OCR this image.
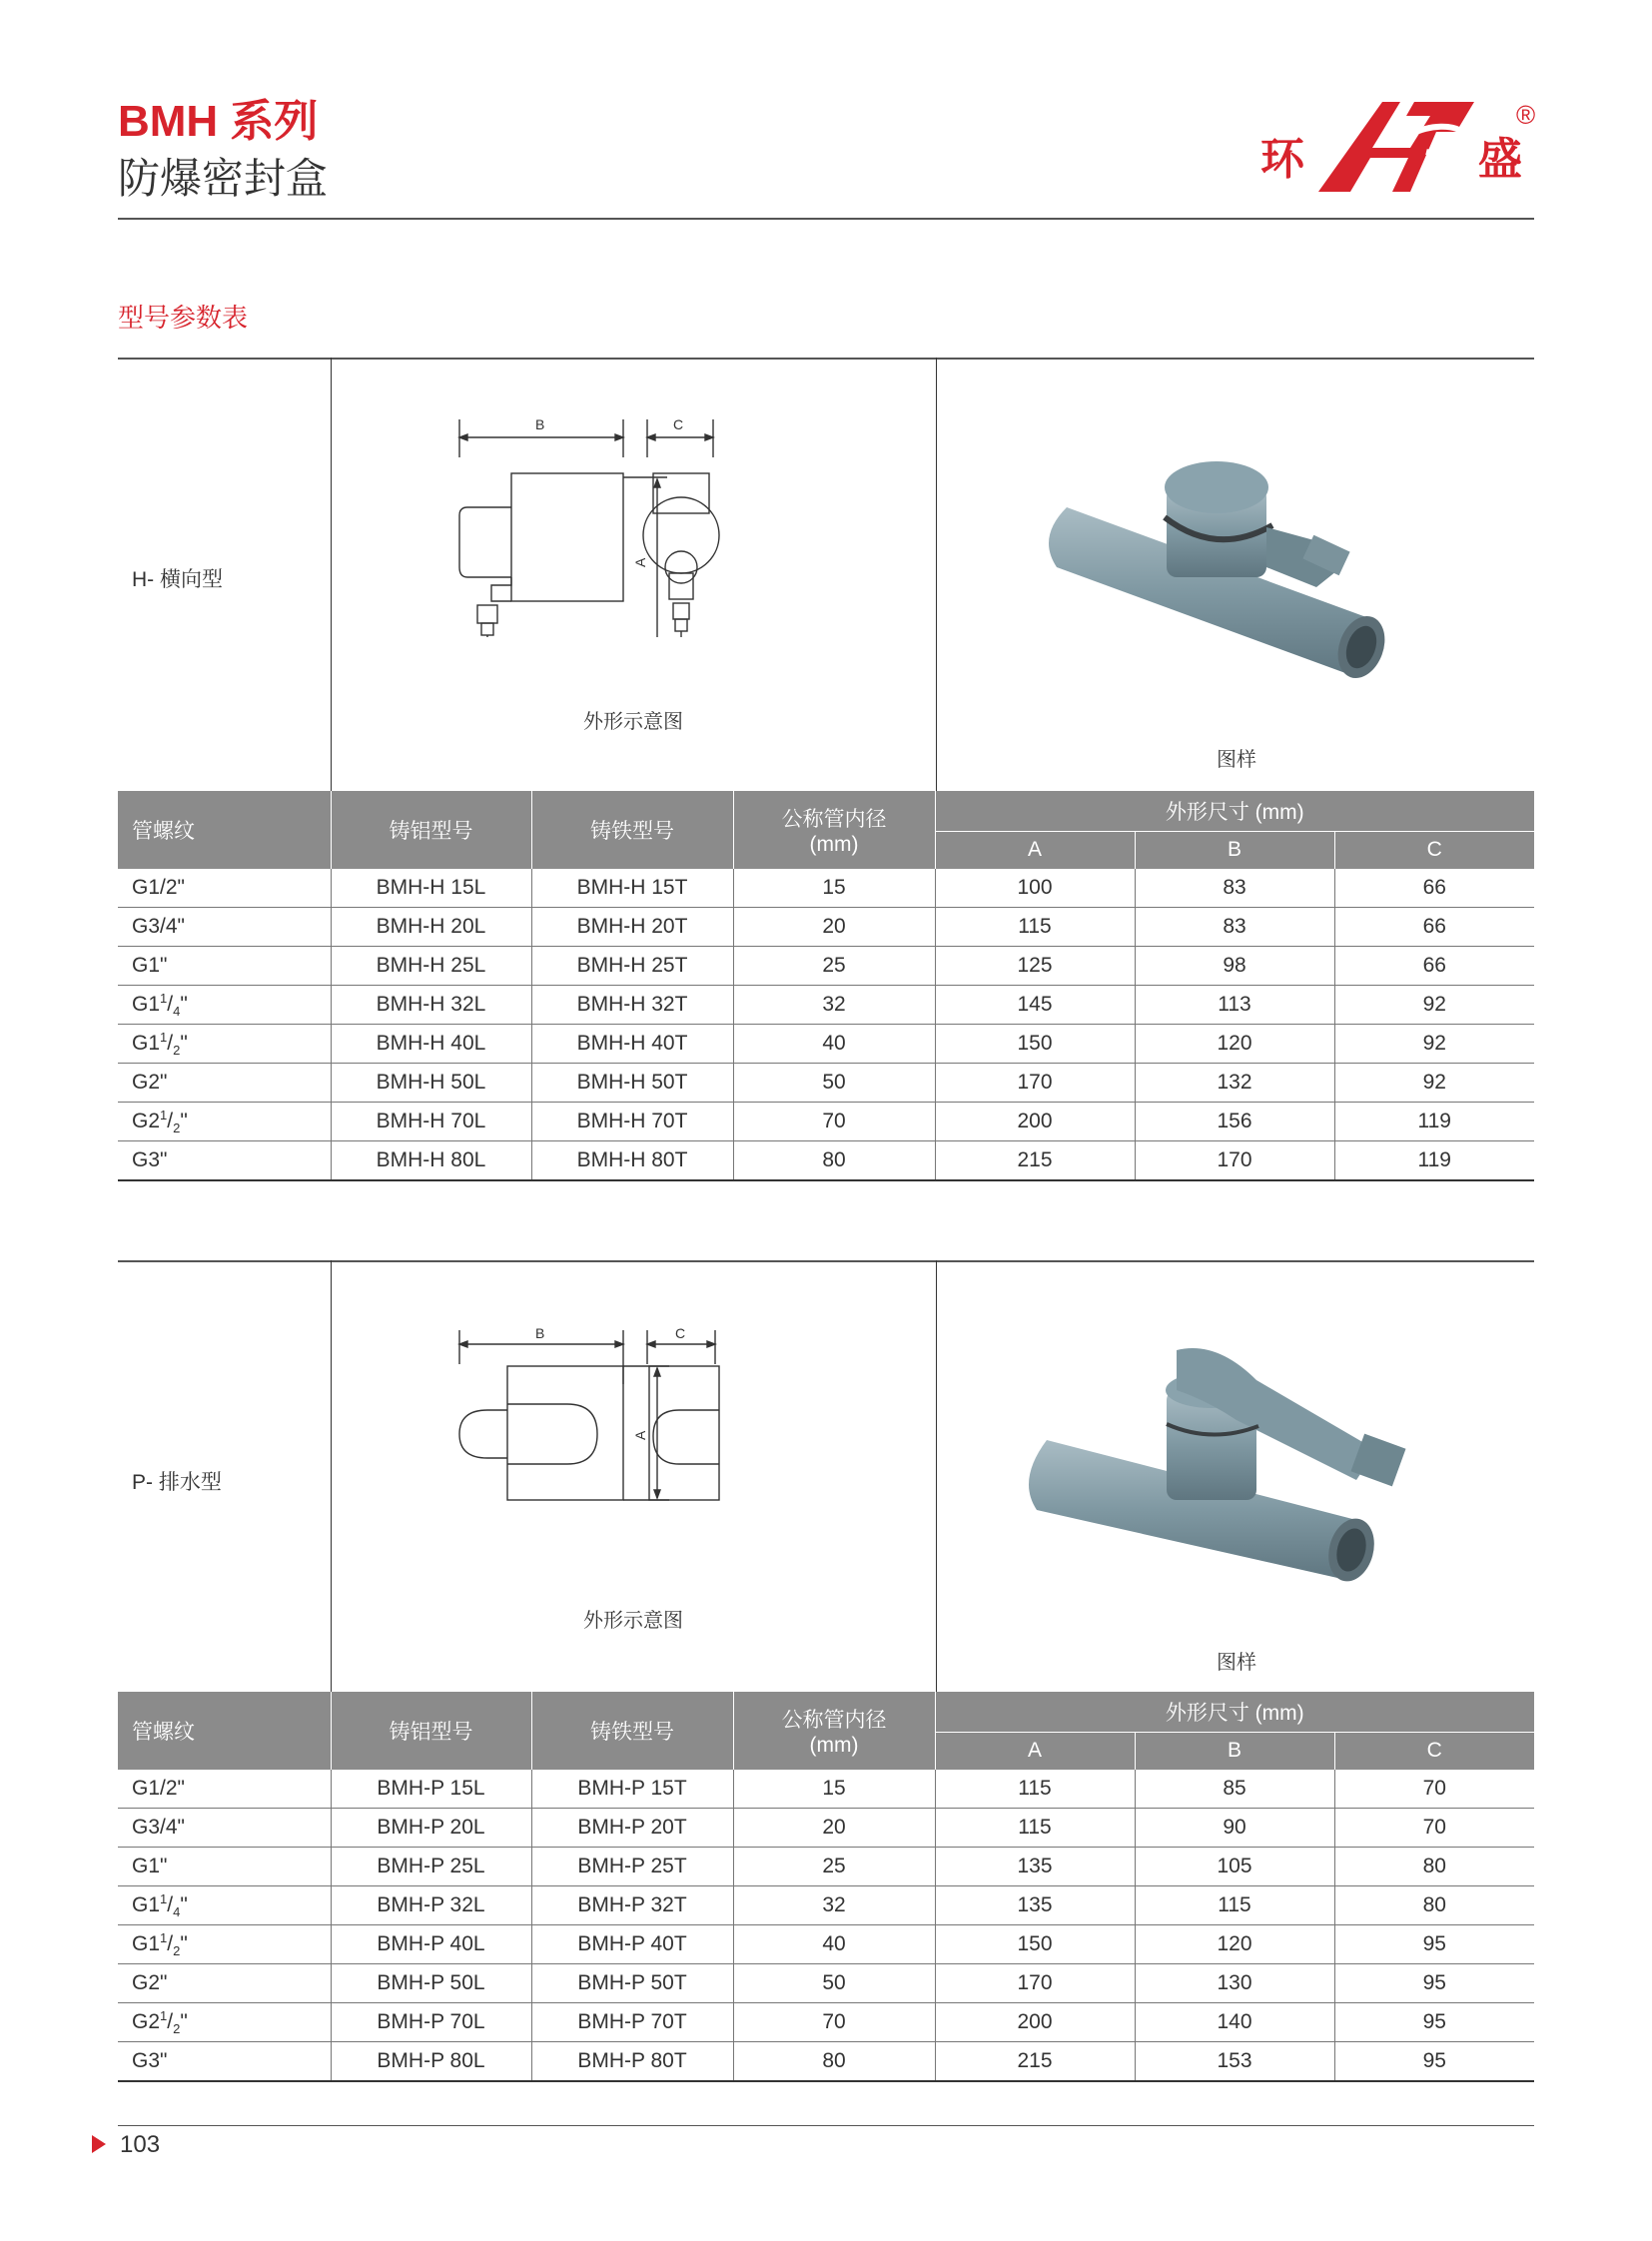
BMH 系列
防爆密封盒	环	盛
®
型号参数表
H- 横向型
B	C
A
外形示意图
图样
管螺纹	铸铝型号	铸铁型号	公称管内径
(mm)	外形尺寸 (mm)		
				A	B	C
G1/2"	BMH-H 15L	BMH-H 15T	15	100	83	66
G3/4"	BMH-H 20L	BMH-H 20T	20	115	83	66
G1"	BMH-H 25L	BMH-H 25T	25	125	98	66
$G1^1/_4$"	BMH-H 32L	BMH-H 32T	32	145	113	92
$G1^1/_2$"	BMH-H 40L	BMH-H 40T	40	150	120	92
G2"	BMH-H 50L	BMH-H 50T	50	170	132	92
$G2^1/_2$"	BMH-H 70L	BMH-H 70T	70	200	156	119
G3"	BMH-H 80L	BMH-H 80T	80	215	170	119
P- 排水型
B	C
A
外形示意图
图样
管螺纹	铸铝型号	铸铁型号	公称管内径
(mm)	外形尺寸 (mm)		
				A	B	C
G1/2"	BMH-P 15L	BMH-P 15T	15	115	85	70
G3/4"	BMH-P 20L	BMH-P 20T	20	115	90	70
G1"	BMH-P 25L	BMH-P 25T	25	135	105	80
$G1^1/_4$"	BMH-P 32L	BMH-P 32T	32	135	115	80
$G1^1/_2$"	BMH-P 40L	BMH-P 40T	40	150	120	95
G2"	BMH-P 50L	BMH-P 50T	50	170	130	95
$G2^1/_2$"	BMH-P 70L	BMH-P 70T	70	200	140	95
G3"	BMH-P 80L	BMH-P 80T	80	215	153	95
103
